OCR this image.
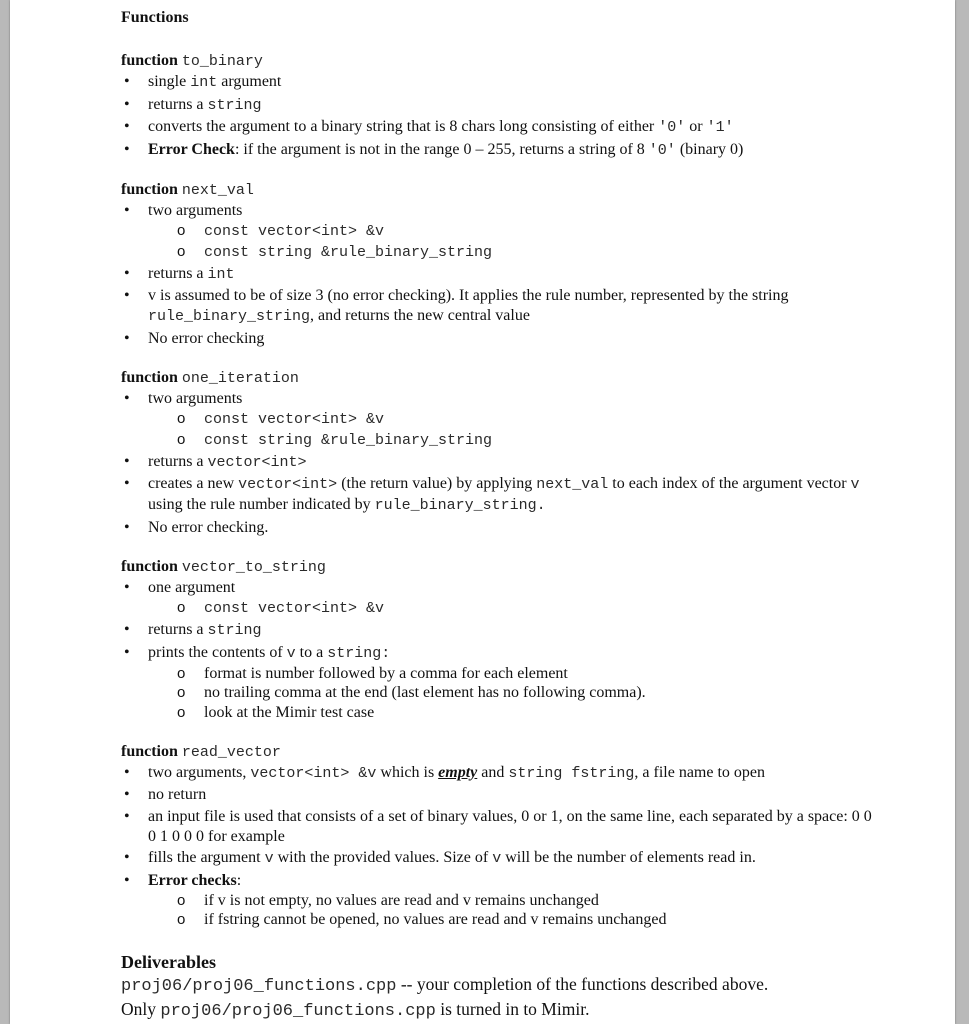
Functions
function to_binary
• single int argument
• returns a string
• converts the argument to a binary string that is 8 chars long consisting of either '0' or '1'
• Error Check: if the argument is not in the range 0 – 255, returns a string of 8 '0' (binary 0)
function next_val
• two arguments
o const vector<int> &v
o const string &rule_binary_string
• returns a int
• v is assumed to be of size 3 (no error checking). It applies the rule number, represented by the string rule_binary_string, and returns the new central value
• No error checking
function one_iteration
• two arguments
o const vector<int> &v
o const string &rule_binary_string
• returns a vector<int>
• creates a new vector<int> (the return value) by applying next_val to each index of the argument vector v using the rule number indicated by rule_binary_string.
• No error checking.
function vector_to_string
• one argument
o const vector<int> &v
• returns a string
• prints the contents of v to a string:
o format is number followed by a comma for each element
o no trailing comma at the end (last element has no following comma).
o look at the Mimir test case
function read_vector
• two arguments, vector<int> &v which is empty and string fstring, a file name to open
• no return
• an input file is used that consists of a set of binary values, 0 or 1, on the same line, each separated by a space: 0 0 0 1 0 0 0 for example
• fills the argument v with the provided values. Size of v will be the number of elements read in.
• Error checks:
o if v is not empty, no values are read and v remains unchanged
o if fstring cannot be opened, no values are read and v remains unchanged
Deliverables
proj06/proj06_functions.cpp -- your completion of the functions described above.
Only proj06/proj06_functions.cpp is turned in to Mimir.
